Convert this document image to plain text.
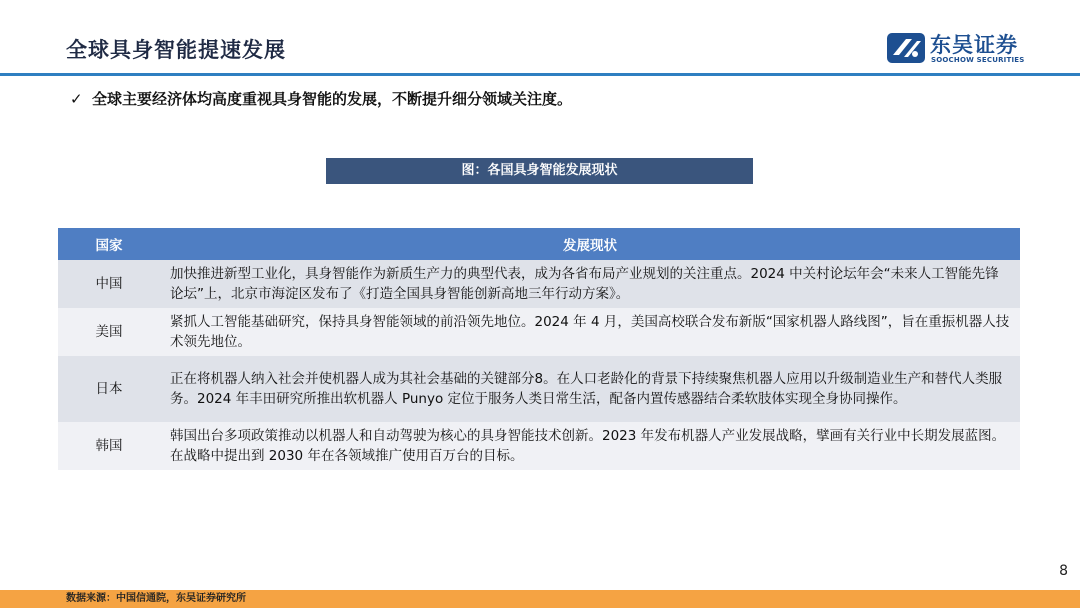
全球具身智能提速发展	东吴证券
SOOCHOW SECURITIES
✓ 全球主要经济体均高度重视具身智能的发展，不断提升细分领域关注度。
图：各国具身智能发展现状
国家	发展现状
中国	加快推进新型工业化，具身智能作为新质生产力的典型代表，成为各省布局产业规划的关注重点。2024 中关村论坛年会“未来人工智能先锋论坛”上，北京市海淀区发布了《打造全国具身智能创新高地三年行动方案》。
美国	紧抓人工智能基础研究，保持具身智能领域的前沿领先地位。2024 年 4 月，美国高校联合发布新版“国家机器人路线图”，旨在重振机器人技术领先地位。
日本	正在将机器人纳入社会并使机器人成为其社会基础的关键部分8。在人口老龄化的背景下持续聚焦机器人应用以升级制造业生产和替代人类服务。2024 年丰田研究所推出软机器人 Punyo 定位于服务人类日常生活，配备内置传感器结合柔软肢体实现全身协同操作。
韩国	韩国出台多项政策推动以机器人和自动驾驶为核心的具身智能技术创新。2023 年发布机器人产业发展战略，擘画有关行业中长期发展蓝图。在战略中提出到 2030 年在各领域推广使用百万台的目标。
8
数据来源：中国信通院，东吴证券研究所
